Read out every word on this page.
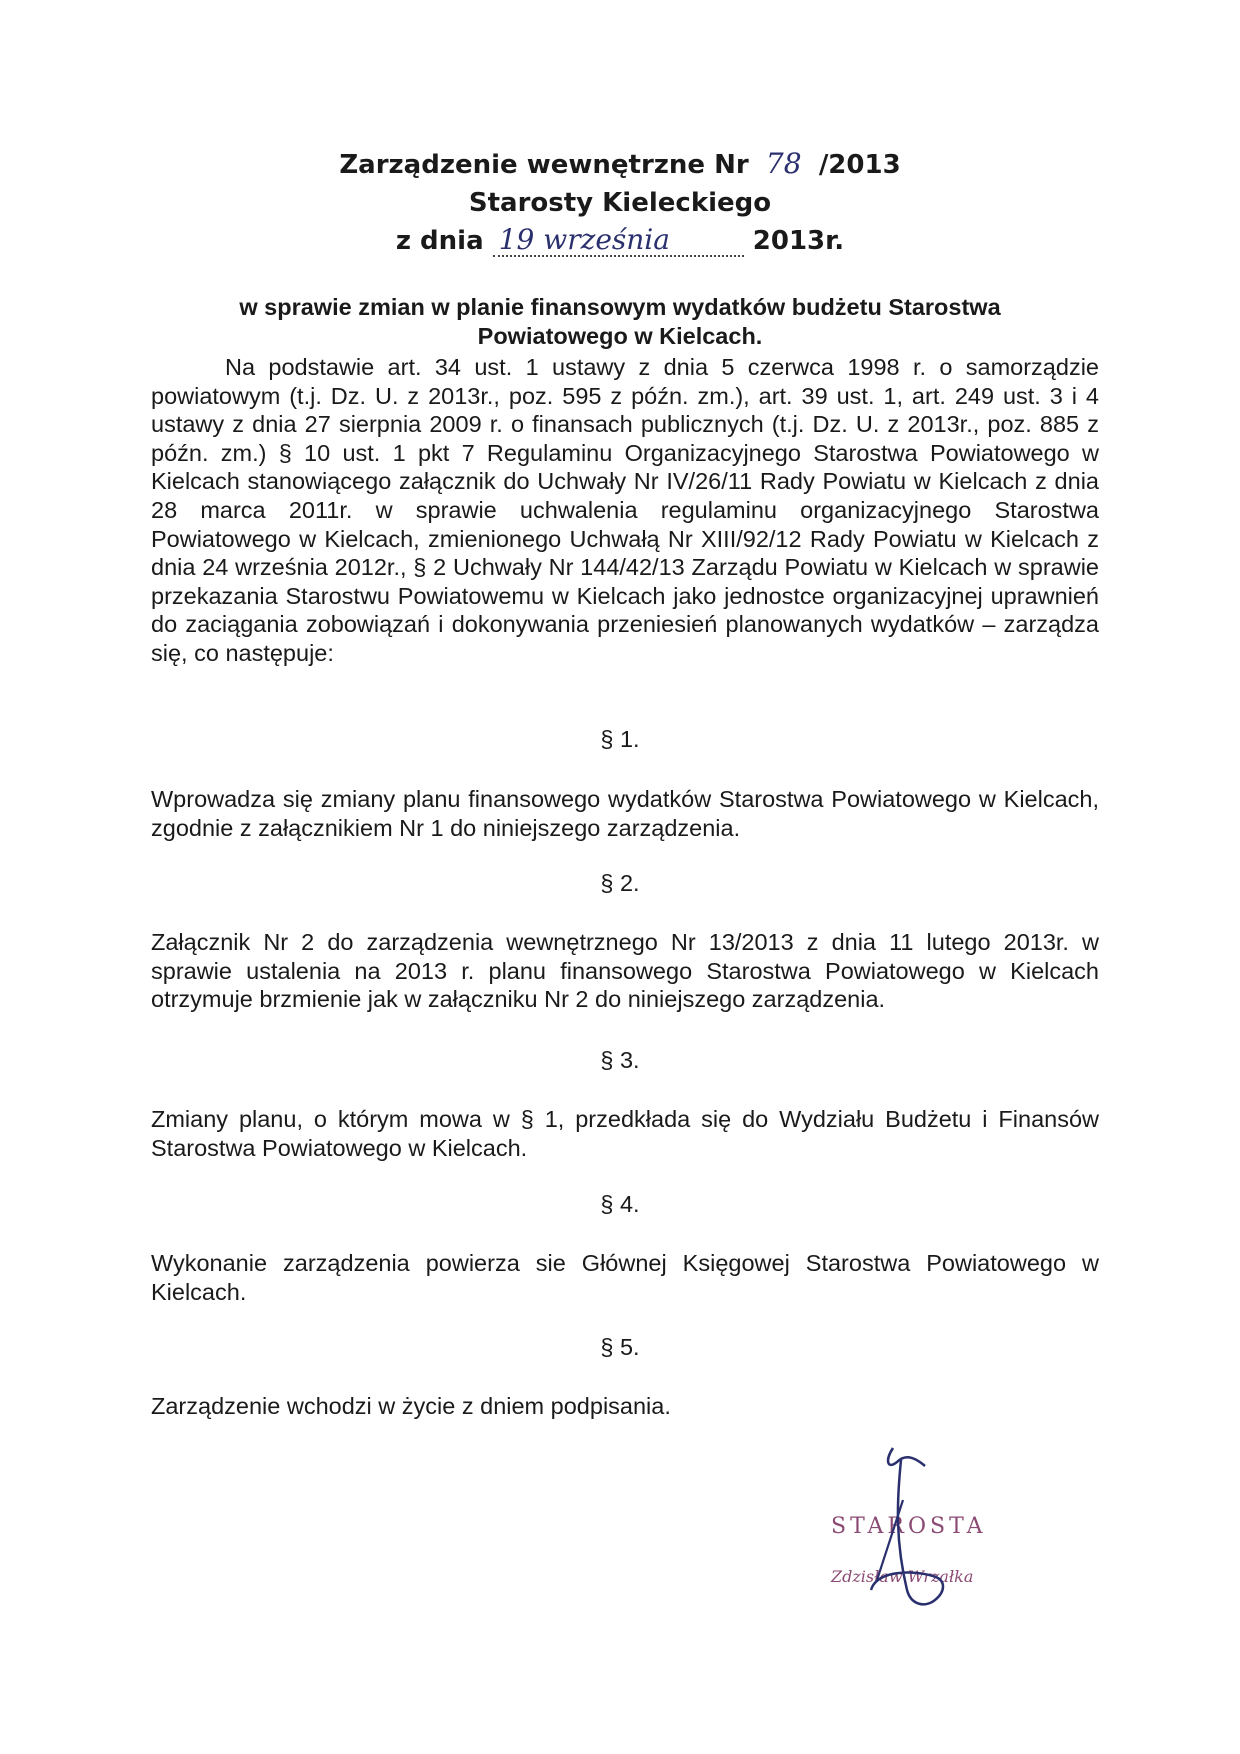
Zarządzenie wewnętrzne Nr 78 /2013
Starosty Kieleckiego
z dnia 19 września	2013r.
w sprawie zmian w planie finansowym wydatków budżetu Starostwa
Powiatowego w Kielcach.
Na podstawie art. 34 ust. 1 ustawy z dnia 5 czerwca 1998 r. o samorządzie powiatowym (t.j. Dz. U. z 2013r., poz. 595 z późn. zm.), art. 39 ust. 1, art. 249 ust. 3 i 4 ustawy z dnia 27 sierpnia 2009 r. o finansach publicznych (t.j. Dz. U. z 2013r., poz. 885 z późn. zm.) § 10 ust. 1 pkt 7 Regulaminu Organizacyjnego Starostwa Powiatowego w Kielcach stanowiącego załącznik do Uchwały Nr IV/26/11 Rady Powiatu w Kielcach z dnia 28 marca 2011r. w sprawie uchwalenia regulaminu organizacyjnego Starostwa Powiatowego w Kielcach, zmienionego Uchwałą Nr XIII/92/12 Rady Powiatu w Kielcach z dnia 24 września 2012r., § 2 Uchwały Nr 144/42/13 Zarządu Powiatu w Kielcach w sprawie przekazania Starostwu Powiatowemu w Kielcach jako jednostce organizacyjnej uprawnień do zaciągania zobowiązań i dokonywania przeniesień planowanych wydatków – zarządza się, co następuje:
§ 1.
Wprowadza się zmiany planu finansowego wydatków Starostwa Powiatowego w Kielcach, zgodnie z załącznikiem Nr 1 do niniejszego zarządzenia.
§ 2.
Załącznik Nr 2 do zarządzenia wewnętrznego Nr 13/2013 z dnia 11 lutego 2013r. w sprawie ustalenia na 2013 r. planu finansowego Starostwa Powiatowego w Kielcach otrzymuje brzmienie jak w załączniku Nr 2 do niniejszego zarządzenia.
§ 3.
Zmiany planu, o którym mowa w § 1, przedkłada się do Wydziału Budżetu i Finansów Starostwa Powiatowego w Kielcach.
§ 4.
Wykonanie zarządzenia powierza sie Głównej Księgowej Starostwa Powiatowego w Kielcach.
§ 5.
Zarządzenie wchodzi w życie z dniem podpisania.
STAROSTA
Zdzisław Wrzałka
